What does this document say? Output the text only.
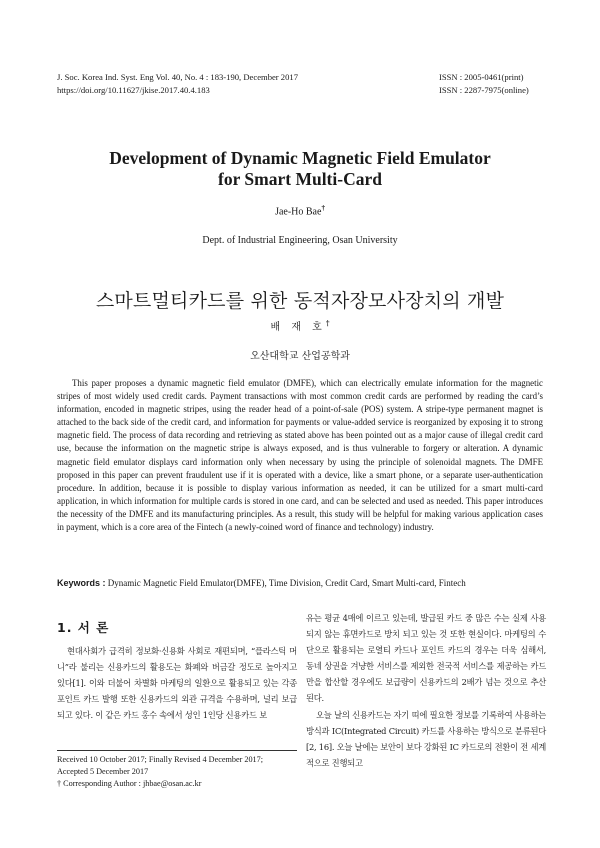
J. Soc. Korea Ind. Syst. Eng Vol. 40, No. 4 : 183-190, December 2017
https://doi.org/10.11627/jkise.2017.40.4.183
ISSN : 2005-0461(print)
ISSN : 2287-7975(online)
Development of Dynamic Magnetic Field Emulator
for Smart Multi-Card
Jae-Ho Bae†
Dept. of Industrial Engineering, Osan University
스마트멀티카드를 위한 동적자장모사장치의 개발
배 재 호†
오산대학교 산업공학과
This paper proposes a dynamic magnetic field emulator (DMFE), which can electrically emulate information for the magnetic stripes of most widely used credit cards. Payment transactions with most common credit cards are performed by reading the card’s information, encoded in magnetic stripes, using the reader head of a point-of-sale (POS) system. A stripe-type permanent magnet is attached to the back side of the credit card, and information for payments or value-added service is reorganized by exposing it to strong magnetic field. The process of data recording and retrieving as stated above has been pointed out as a major cause of illegal credit card use, because the information on the magnetic stripe is always exposed, and is thus vulnerable to forgery or alteration. A dynamic magnetic field emulator displays card information only when necessary by using the principle of solenoidal magnets. The DMFE proposed in this paper can prevent fraudulent use if it is operated with a device, like a smart phone, or a separate user-authentication procedure. In addition, because it is possible to display various information as needed, it can be utilized for a smart multi-card application, in which information for multiple cards is stored in one card, and can be selected and used as needed. This paper introduces the necessity of the DMFE and its manufacturing principles. As a result, this study will be helpful for making various application cases in payment, which is a core area of the Fintech (a newly-coined word of finance and technology) industry.
Keywords : Dynamic Magnetic Field Emulator(DMFE), Time Division, Credit Card, Smart Multi-card, Fintech
1. 서 론

현대사회가 급격히 정보화·신용화 사회로 재편되며, “플라스틱 머니”라 불리는 신용카드의 활용도는 화폐와 버금갈 정도로 높아지고 있다[1]. 이와 더불어 차별화 마케팅의 일환으로 활용되고 있는 각종 포인트 카드 발행 또한 신용카드의 외관 규격을 수용하며, 널리 보급되고 있다. 이 같은 카드 홍수 속에서 성인 1인당 신용카드 보

Received 10 October 2017; Finally Revised 4 December 2017;
Accepted 5 December 2017
† Corresponding Author : jhbae@osan.ac.kr

유는 평균 4매에 이르고 있는데, 발급된 카드 중 많은 수는 실제 사용되지 않는 휴면카드로 방치 되고 있는 것 또한 현실이다. 마케팅의 수단으로 활용되는 로열티 카드나 포인트 카드의 경우는 더욱 심해서, 동네 상권을 겨냥한 서비스를 제외한 전국적 서비스를 제공하는 카드만을 합산할 경우에도 보급량이 신용카드의 2배가 넘는 것으로 추산된다.

오늘 날의 신용카드는 자기 띠에 필요한 정보를 기록하여 사용하는 방식과 IC(Integrated Circuit) 카드를 사용하는 방식으로 분류된다[2, 16]. 오늘 날에는 보안이 보다 강화된 IC 카드로의 전환이 전 세계적으로 진행되고
